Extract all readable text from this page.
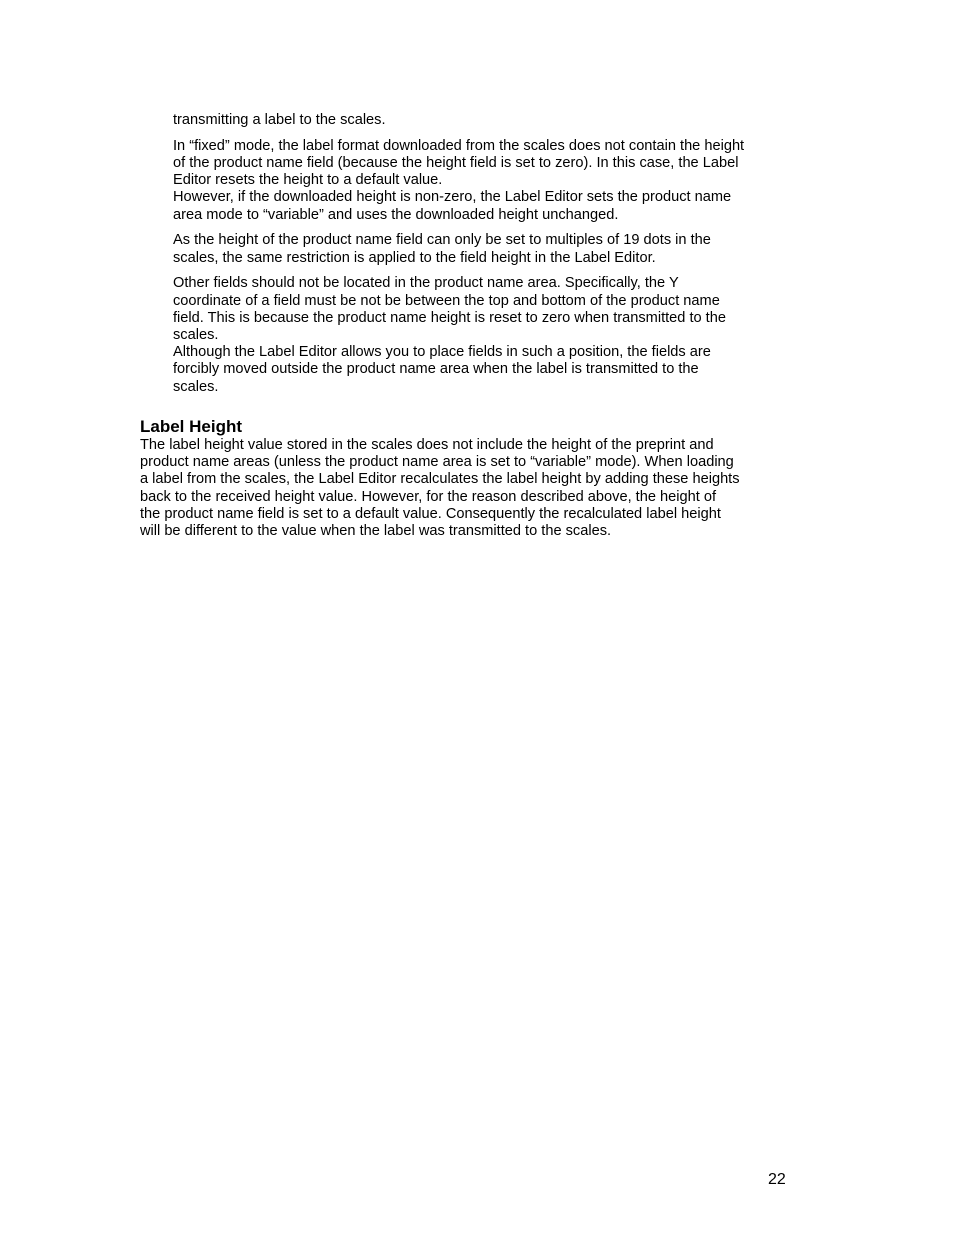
transmitting a label to the scales.

In “fixed” mode, the label format downloaded from the scales does not contain the height
of the product name field (because the height field is set to zero). In this case, the Label
Editor resets the height to a default value.
However, if the downloaded height is non-zero, the Label Editor sets the product name
area mode to “variable” and uses the downloaded height unchanged.

As the height of the product name field can only be set to multiples of 19 dots in the
scales, the same restriction is applied to the field height in the Label Editor.

Other fields should not be located in the product name area. Specifically, the Y
coordinate of a field must be not be between the top and bottom of the product name
field. This is because the product name height is reset to zero when transmitted to the
scales.
Although the Label Editor allows you to place fields in such a position, the fields are
forcibly moved outside the product name area when the label is transmitted to the
scales.

Label Height

The label height value stored in the scales does not include the height of the preprint and
product name areas (unless the product name area is set to “variable” mode). When loading
a label from the scales, the Label Editor recalculates the label height by adding these heights
back to the received height value. However, for the reason described above, the height of
the product name field is set to a default value. Consequently the recalculated label height
will be different to the value when the label was transmitted to the scales.

22
